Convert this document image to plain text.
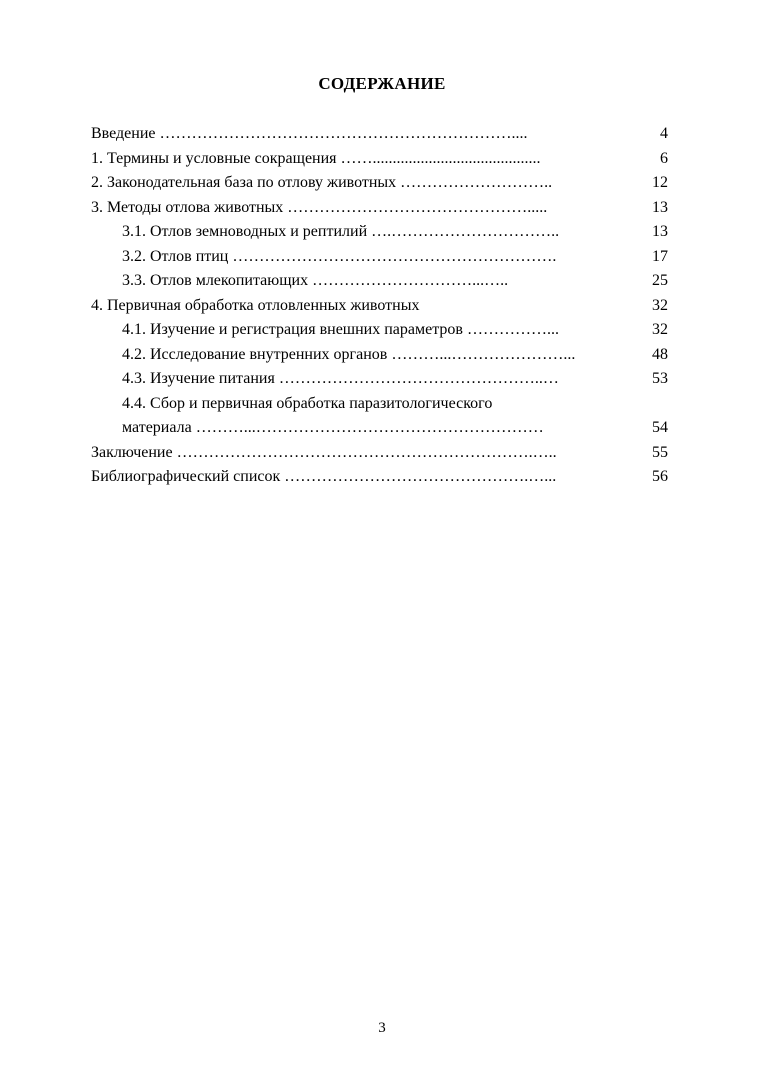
СОДЕРЖАНИЕ
Введение …………………………………………………………....	4
1. Термины и условные сокращения ……..........................................	6
2. Законодательная база по отлову животных ………………………..	12
3. Методы отлова животных ……………………………………….....	13
3.1. Отлов земноводных и рептилий ….…………………………..	13
3.2. Отлов птиц …………………………………………………….	17
3.3. Отлов млекопитающих …………………………...…..	25
4. Первичная обработка отловленных животных	32
4.1. Изучение и регистрация внешних параметров ……………...	32
4.2. Исследование внутренних органов ………...…………………...	48
4.3. Изучение питания …………………………………………..…	53
4.4. Сбор и первичная обработка паразитологического
материала ………...………………………………………………	54
Заключение ………………………………………………………….…..	55
Библиографический список ……………………………………….…...	56
3
